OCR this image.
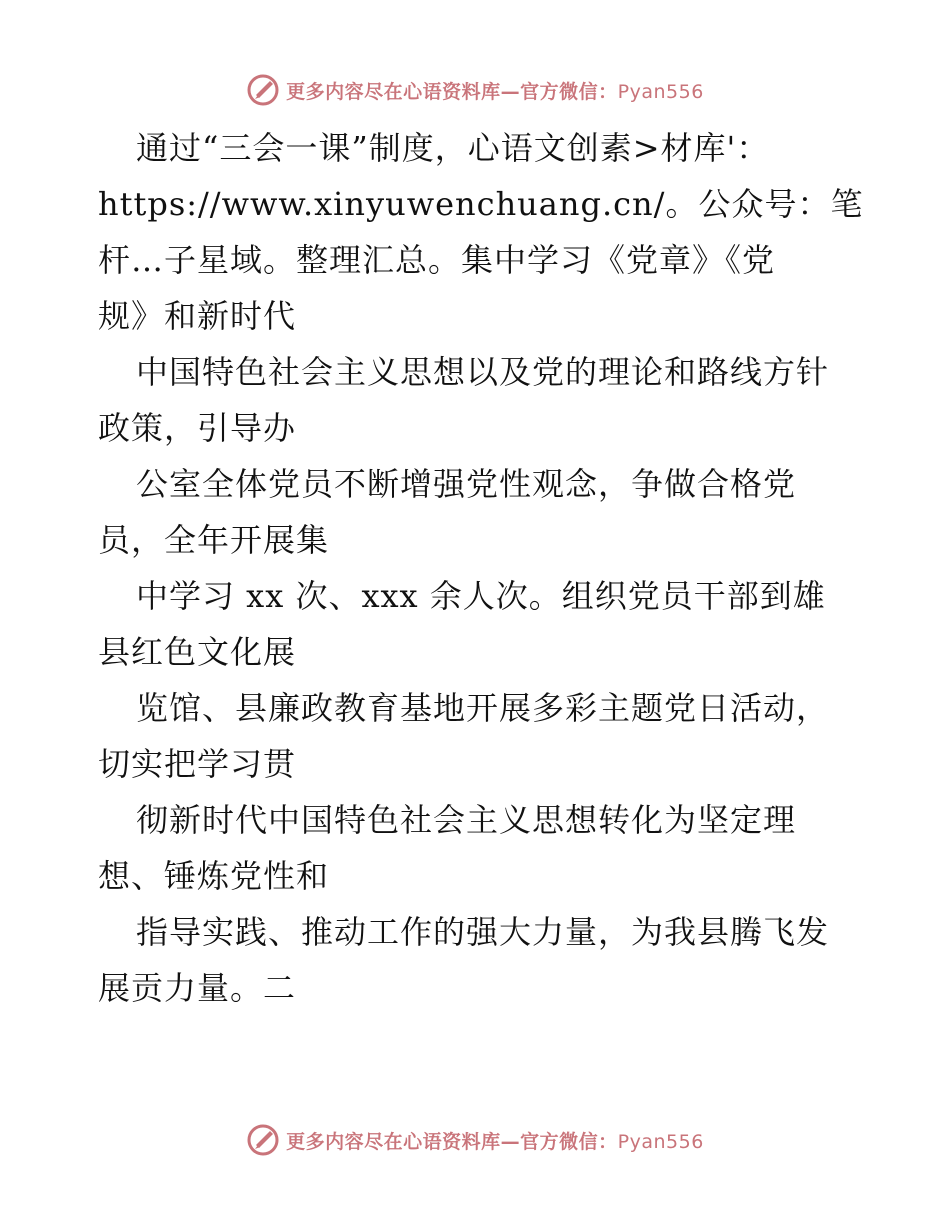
更多内容尽在心语资料库—官方微信：Pyan556
通过“三会一课”制度，心语文创素>材库'：
https://www.xinyuwenchuang.cn/。公众号：笔
杆…子星域。整理汇总。集中学习《党章》《党
规》和新时代
中国特色社会主义思想以及党的理论和路线方针
政策，引导办
公室全体党员不断增强党性观念，争做合格党
员，全年开展集
中学习 xx 次、xxx 余人次。组织党员干部到雄
县红色文化展
览馆、县廉政教育基地开展多彩主题党日活动，
切实把学习贯
彻新时代中国特色社会主义思想转化为坚定理
想、锤炼党性和
指导实践、推动工作的强大力量，为我县腾飞发
展贡力量。二
更多内容尽在心语资料库—官方微信：Pyan556
